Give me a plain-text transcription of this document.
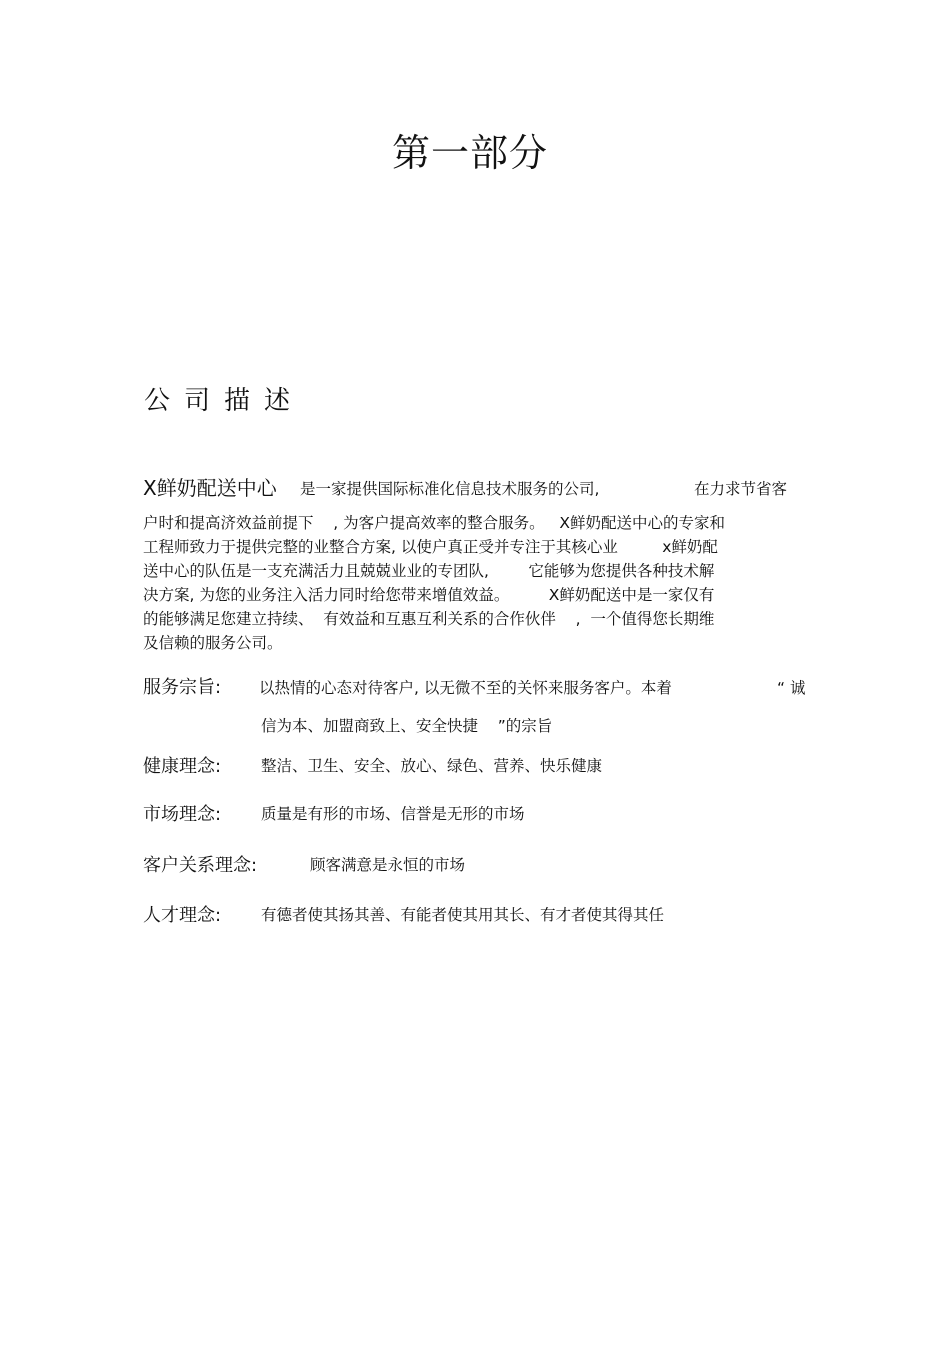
第一部分
公司描述
X鲜奶配送中心 是一家提供国际标准化信息技术服务的公司,	在力求节省客
户时和提高济效益前提下    , 为客户提高效率的整合服务。   X鲜奶配送中心的专家和
工程师致力于提供完整的业整合方案, 以使户真正受并专注于其核心业         x鲜奶配
送中心的队伍是一支充满活力且兢兢业业的专团队,        它能够为您提供各种技术解
决方案, 为您的业务注入活力同时给您带来增值效益。        X鲜奶配送中是一家仅有
的能够满足您建立持续、  有效益和互惠互利关系的合作伙伴    ,  一个值得您长期维
及信赖的服务公司。
服务宗旨: 以热情的心态对待客户, 以无微不至的关怀来服务客户。本着	“ 诚
信为本、加盟商致上、安全快捷    ”的宗旨
健康理念:	整洁、卫生、安全、放心、绿色、营养、快乐健康
市场理念:	质量是有形的市场、信誉是无形的市场
客户关系理念:	顾客满意是永恒的市场
人才理念:	有德者使其扬其善、有能者使其用其长、有才者使其得其任
